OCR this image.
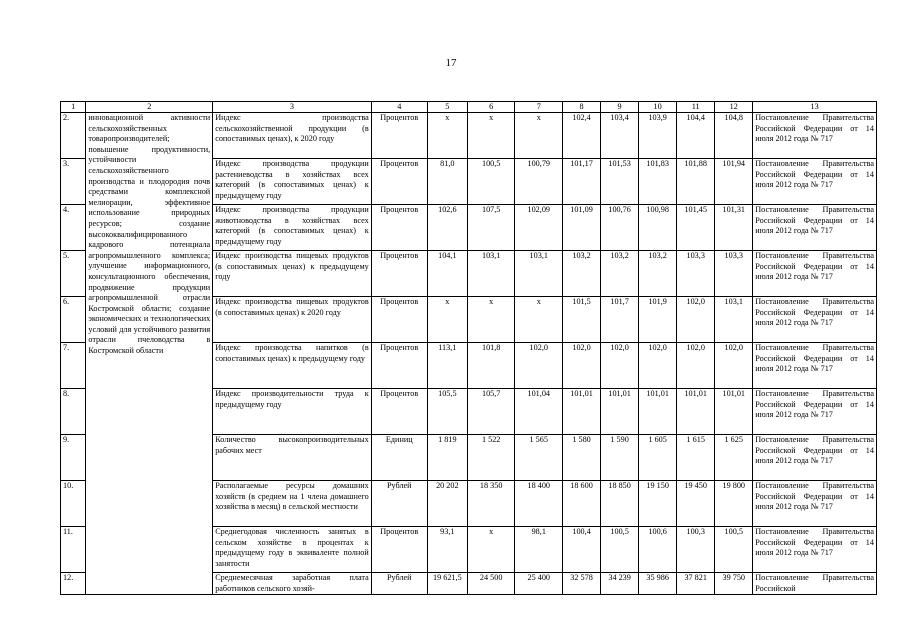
17
1	2	3	4	5	6	7	8	9	10	11	12	13
2.	инновационной активности сельскохозяйственных товаропроизводителей; повышение продуктивности, устойчивости сельскохозяйственного производства и плодородия почв средствами комплексной мелиорации, эффективное использование природных ресурсов; создание высококвалифицированного кадрового потенциала агропромышленного комплекса; улучшение информационного, консультационного обеспечения, продвижение продукции агропромышленной отрасли Костромской области; создание экономических и технологических условий для устойчивого развития отрасли пчеловодства в Костромской области	Индекс производства сельскохозяйственной продукции (в сопоставимых ценах), к 2020 году	Процентов	х	х	х	102,4	103,4	103,9	104,4	104,8	Постановление Правительства Российской Федерации от 14 июля 2012 года № 717
3.		Индекс производства продукции растениеводства в хозяйствах всех категорий (в сопоставимых ценах) к предыдущему году	Процентов	81,0	100,5	100,79	101,17	101,53	101,83	101,88	101,94	Постановление Правительства Российской Федерации от 14 июля 2012 года № 717
4.		Индекс производства продукции животноводства в хозяйствах всех категорий (в сопоставимых ценах) к предыдущему году	Процентов	102,6	107,5	102,09	101,09	100,76	100,98	101,45	101,31	Постановление Правительства Российской Федерации от 14 июля 2012 года № 717
5.		Индекс производства пищевых продуктов (в сопоставимых ценах) к предыдущему году	Процентов	104,1	103,1	103,1	103,2	103,2	103,2	103,3	103,3	Постановление Правительства Российской Федерации от 14 июля 2012 года № 717
6.		Индекс производства пищевых продуктов (в сопоставимых ценах) к 2020 году	Процентов	х	х	х	101,5	101,7	101,9	102,0	103,1	Постановление Правительства Российской Федерации от 14 июля 2012 года № 717
7.		Индекс производства напитков (в сопоставимых ценах) к предыдущему году	Процентов	113,1	101,8	102,0	102,0	102,0	102,0	102,0	102,0	Постановление Правительства Российской Федерации от 14 июля 2012 года № 717
8.		Индекс производительности труда к предыдущему году	Процентов	105,5	105,7	101,04	101,01	101,01	101,01	101,01	101,01	Постановление Правительства Российской Федерации от 14 июля 2012 года № 717
9.		Количество высокопроизводительных рабочих мест	Единиц	1 819	1 522	1 565	1 580	1 590	1 605	1 615	1 625	Постановление Правительства Российской Федерации от 14 июля 2012 года № 717
10.		Располагаемые ресурсы домашних хозяйств (в среднем на 1 члена домашнего хозяйства в месяц) в сельской местности	Рублей	20 202	18 350	18 400	18 600	18 850	19 150	19 450	19 800	Постановление Правительства Российской Федерации от 14 июля 2012 года № 717
11.		Среднегодовая численность занятых в сельском хозяйстве в процентах к предыдущему году в эквиваленте полной занятости	Процентов	93,1	х	98,1	100,4	100,5	100,6	100,3	100,5	Постановление Правительства Российской Федерации от 14 июля 2012 года № 717
12.		Среднемесячная заработная плата работников сельского хозяй-	Рублей	19 621,5	24 500	25 400	32 578	34 239	35 986	37 821	39 750	Постановление Правительства Российской
